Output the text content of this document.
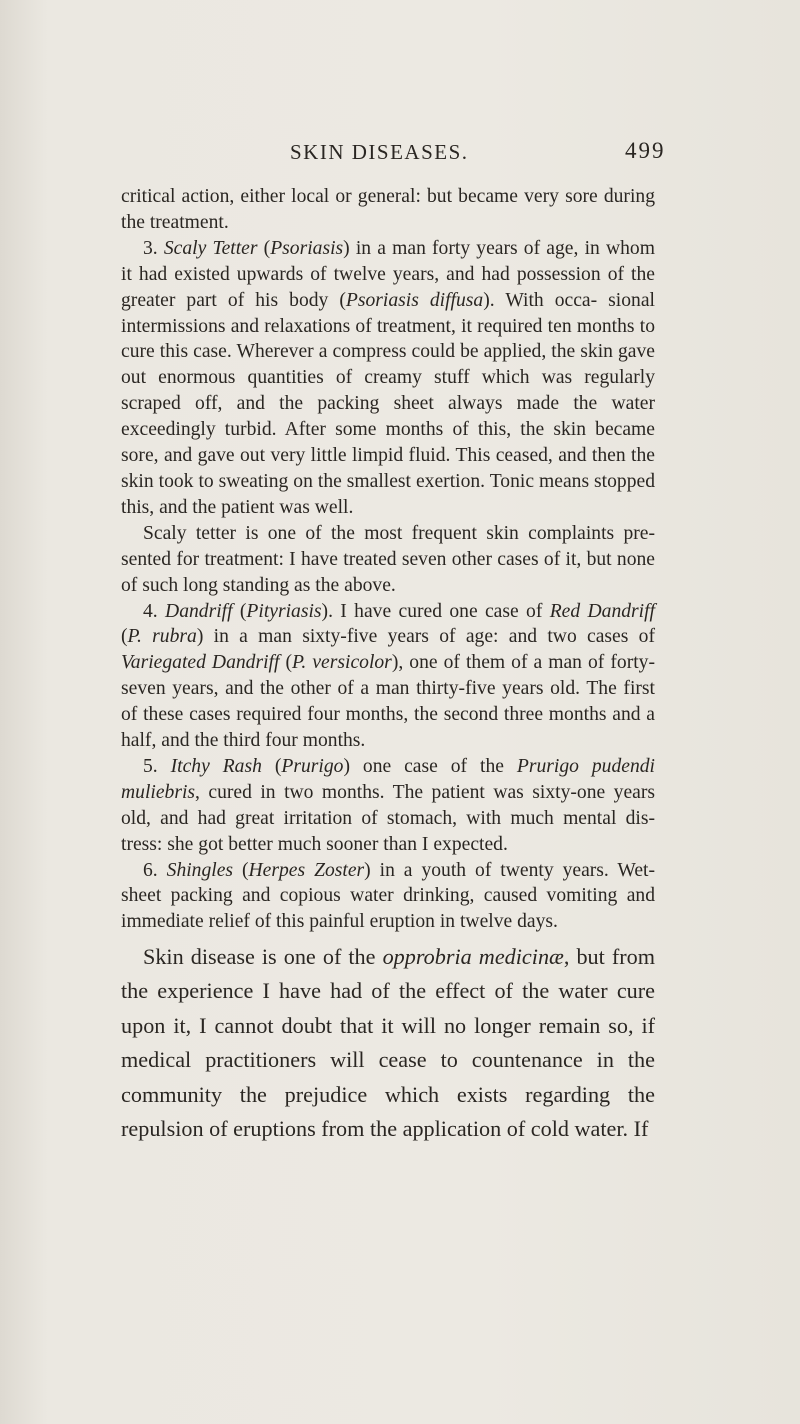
SKIN DISEASES.	499

critical action, either local or general: but became very sore during the treatment.

3. Scaly Tetter (Psoriasis) in a man forty years of age, in whom it had existed upwards of twelve years, and had possession of the greater part of his body (Psoriasis diffusa). With occa- sional intermissions and relaxations of treatment, it required ten months to cure this case. Wherever a compress could be applied, the skin gave out enormous quantities of creamy stuff which was regularly scraped off, and the packing sheet always made the water exceedingly turbid. After some months of this, the skin became sore, and gave out very little limpid fluid. This ceased, and then the skin took to sweating on the smallest exertion. Tonic means stopped this, and the patient was well.

Scaly tetter is one of the most frequent skin complaints pre- sented for treatment: I have treated seven other cases of it, but none of such long standing as the above.

4. Dandriff (Pityriasis). I have cured one case of Red Dandriff (P. rubra) in a man sixty-five years of age: and two cases of Variegated Dandriff (P. versicolor), one of them of a man of forty-seven years, and the other of a man thirty-five years old. The first of these cases required four months, the second three months and a half, and the third four months.

5. Itchy Rash (Prurigo) one case of the Prurigo pudendi muliebris, cured in two months. The patient was sixty-one years old, and had great irritation of stomach, with much mental dis- tress: she got better much sooner than I expected.

6. Shingles (Herpes Zoster) in a youth of twenty years. Wet- sheet packing and copious water drinking, caused vomiting and immediate relief of this painful eruption in twelve days.

Skin disease is one of the opprobria medicinæ, but from the experience I have had of the effect of the water cure upon it, I cannot doubt that it will no longer remain so, if medical practitioners will cease to countenance in the community the prejudice which exists regarding the repulsion of eruptions from the application of cold water. If
